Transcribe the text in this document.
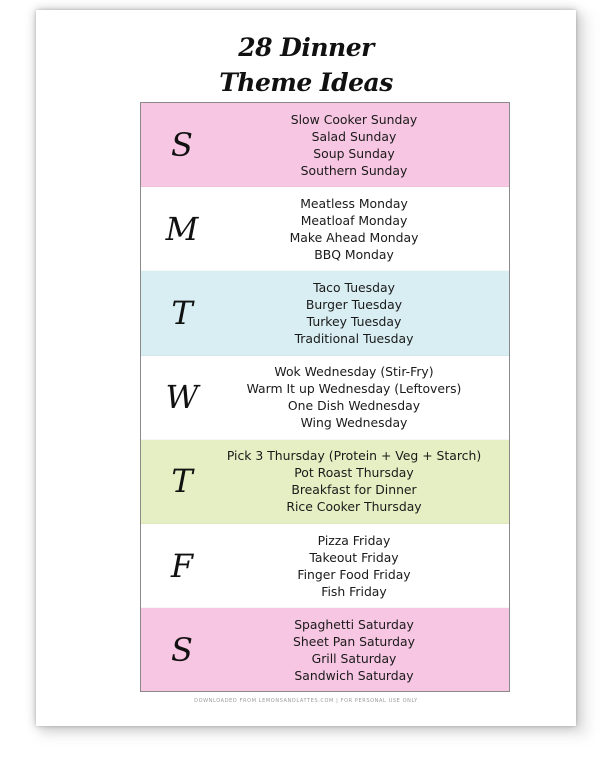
28 Dinner
Theme Ideas
S
Slow Cooker Sunday
Salad Sunday
Soup Sunday
Southern Sunday
M
Meatless Monday
Meatloaf Monday
Make Ahead Monday
BBQ Monday
T
Taco Tuesday
Burger Tuesday
Turkey Tuesday
Traditional Tuesday
W
Wok Wednesday (Stir-Fry)
Warm It up Wednesday (Leftovers)
One Dish Wednesday
Wing Wednesday
T
Pick 3 Thursday (Protein + Veg + Starch)
Pot Roast Thursday
Breakfast for Dinner
Rice Cooker Thursday
F
Pizza Friday
Takeout Friday
Finger Food Friday
Fish Friday
S
Spaghetti Saturday
Sheet Pan Saturday
Grill Saturday
Sandwich Saturday
DOWNLOADED FROM LEMONSANDLATTES.COM | FOR PERSONAL USE ONLY
